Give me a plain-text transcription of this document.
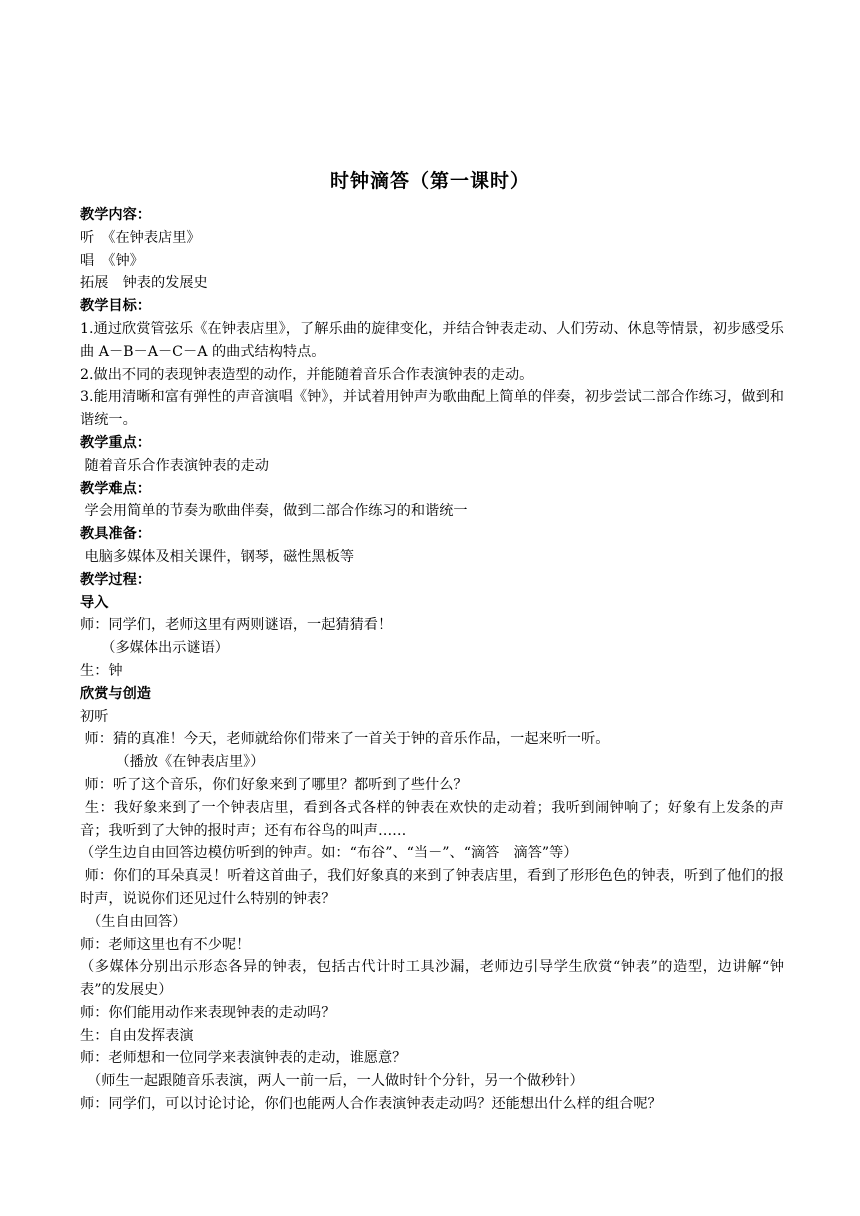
时钟滴答（第一课时）

教学内容：

听　《在钟表店里》

唱　《钟》

拓展　钟表的发展史

教学目标：

1.通过欣赏管弦乐《在钟表店里》，了解乐曲的旋律变化，并结合钟表走动、人们劳动、休息等情景，初步感受乐曲 A－B－A－C－A 的曲式结构特点。

2.做出不同的表现钟表造型的动作，并能随着音乐合作表演钟表的走动。

3.能用清晰和富有弹性的声音演唱《钟》，并试着用钟声为歌曲配上简单的伴奏，初步尝试二部合作练习，做到和谐统一。

教学重点：

随着音乐合作表演钟表的走动

教学难点：

学会用简单的节奏为歌曲伴奏，做到二部合作练习的和谐统一

教具准备：

电脑多媒体及相关课件，钢琴，磁性黑板等

教学过程：

导入

师：同学们，老师这里有两则谜语，一起猜猜看！

　　（多媒体出示谜语）

生：钟

欣赏与创造

初听

师：猜的真准！今天，老师就给你们带来了一首关于钟的音乐作品，一起来听一听。

　　　（播放《在钟表店里》）

师：听了这个音乐，你们好象来到了哪里？都听到了些什么？

生：我好象来到了一个钟表店里，看到各式各样的钟表在欢快的走动着；我听到闹钟响了；好象有上发条的声音；我听到了大钟的报时声；还有布谷鸟的叫声……

（学生边自由回答边模仿听到的钟声。如：“布谷”、“当－”、“滴答　滴答”等）

师：你们的耳朵真灵！听着这首曲子，我们好象真的来到了钟表店里，看到了形形色色的钟表，听到了他们的报时声，说说你们还见过什么特别的钟表？

　（生自由回答）

师：老师这里也有不少呢！

（多媒体分别出示形态各异的钟表，包括古代计时工具沙漏，老师边引导学生欣赏“钟表”的造型，边讲解“钟表”的发展史）

师：你们能用动作来表现钟表的走动吗？

生：自由发挥表演

师：老师想和一位同学来表演钟表的走动，谁愿意？

　（师生一起跟随音乐表演，两人一前一后，一人做时针个分针，另一个做秒针）

师：同学们，可以讨论讨论，你们也能两人合作表演钟表走动吗？还能想出什么样的组合呢？
